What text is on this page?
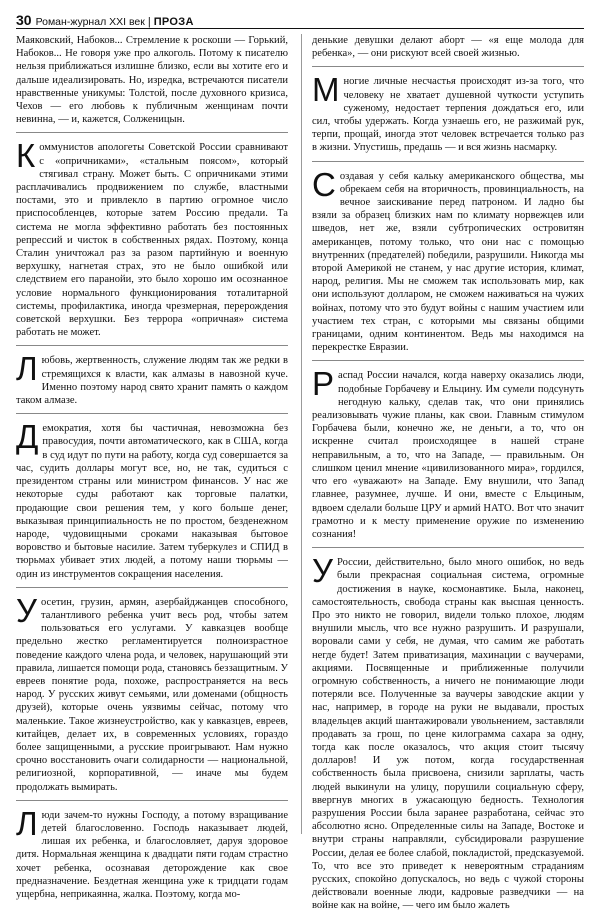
30 Роман-журнал XXI век | ПРОЗА

Маяковский, Набоков... Стремление к роскоши — Горький, Набоков... Не говоря уже про алкоголь. Потому к писателю нельзя приближаться излишне близко, если вы хотите его и дальше идеализировать. Но, изредка, встречаются писатели нравственные уникумы: Толстой, после духовного кризиса, Чехов — его любовь к публичным женщинам почти невинна, — и, кажется, Солженицын.

К оммунистов апологеты Советской России сравнивают с «опричниками», «стальным поясом», который стягивал страну. Может быть. С опричниками этими расплачивались продвижением по службе, властными постами, это и привлекло в партию огромное число приспособленцев, которые затем Россию предали. Та система не могла эффективно работать без постоянных репрессий и чисток в собственных рядах. Поэтому, конца Сталин уничтожал раз за разом партийную и военную верхушку, нагнетая страх, это не было ошибкой или следствием его паранойи, это было хорошо им осознанное условие нормального функционирования тоталитарной системы, профилактика, иногда чрезмерная, перерождения советской верхушки. Без террора «опричная» система работать не может.

Л юбовь, жертвенность, служение людям так же редки в стремящихся к власти, как алмазы в навозной куче. Именно поэтому народ свято хранит память о каждом таком алмазе.

Д емократия, хотя бы частичная, невозможна без правосудия, почти автоматического, как в США, когда в суд идут по пути на работу, когда суд совершается за час, судить доллары могут все, но, не так, судиться с президентом страны или министром финансов. У нас же некоторые суды работают как торговые палатки, продающие свои решения тем, у кого больше денег, выказывая принципиальность не по простом, безденежном народе, чудовищными сроками наказывая бытовое воровство и бытовые насилие. Затем туберкулез и СПИД в тюрьмах убивает этих людей, а потому наши тюрьмы — один из инструментов сокращения населения.

У осетин, грузин, армян, азербайджанцев способного, талантливого ребенка учит весь род, чтобы затем пользоваться его услугами. У кавказцев вообще предельно жестко регламентируется полноизрастное поведение каждого члена рода, и человек, нарушающий эти правила, лишается помощи рода, становясь беззащитным. У евреев понятие рода, похоже, распространяется на весь народ. У русских живут семьями, или доменами (общность друзей), которые очень уязвимы сейчас, потому что маленькие. Такое жизнеустройство, как у кавказцев, евреев, китайцев, делает их, в современных условиях, гораздо более защищенными, а русские проигрывают. Нам нужно срочно восстановить очаги солидарности — национальной, религиозной, корпоративной, — иначе мы будем продолжать вымирать.

Л юди зачем-то нужны Господу, а потому взращивание детей благословенно. Господь наказывает людей, лишая их ребенка, и благословляет, даруя здоровое дитя. Нормальная женщина к двадцати пяти годам страстно хочет ребенка, осознавая деторождение как свое предназначение. Бездетная женщина уже к тридцати годам ущербна, неприкаянна, жалка. Поэтому, когда мо-

денькие девушки делают аборт — «я еще молода для ребенка», — они рискуют всей своей жизнью.

М ногие личные несчастья происходят из-за того, что человеку не хватает душевной чуткости уступить суженому, недостает терпения дождаться его, или сил, чтобы удержать. Когда узнаешь его, не разжимай рук, терпи, прощай, иногда этот человек встречается только раз в жизни. Упустишь, предашь — и вся жизнь насмарку.

С оздавая у себя кальку американского общества, мы обрекаем себя на вторичность, провинциальность, на вечное заискивание перед патроном. И ладно бы взяли за образец близких нам по климату норвежцев или шведов, нет же, взяли субтропических островитян американцев, потому только, что они нас с помощью внутренних (предателей) победили, разрушили. Никогда мы второй Америкой не станем, у нас другие история, климат, народ, религия. Мы не сможем так использовать мир, как они используют долларом, не сможем наживаться на чужих войнах, потому что это будут войны с нашим участием или участием тех стран, с которыми мы связаны общими границами, одним континентом. Ведь мы находимся на перекрестке Евразии.

Р аспад России начался, когда наверху оказались люди, подобные Горбачеву и Ельцину. Им сумели подсунуть негодную кальку, сделав так, что они принялись реализовывать чужие планы, как свои. Главным стимулом Горбачева были, конечно же, не деньги, а то, что он искренне считал происходящее в нашей стране неправильным, а то, что на Западе, — правильным. Он слишком ценил мнение «цивилизованного мира», гордился, что его «уважают» на Западе. Ему внушили, что Запад главнее, разумнее, лучше. И они, вместе с Ельциным, вдвоем сделали больше ЦРУ и армий НАТО. Вот что значит грамотно и к месту применение оружие по изменению сознания!

У России, действительно, было много ошибок, но ведь были прекрасная социальная система, огромные достижения в науке, космонавтике. Была, наконец, самостоятельность, свобода страны как высшая ценность. Про это никто не говорил, видели только плохое, людям внушили мысль, что все нужно разрушить. И разрушали, воровали сами у себя, не думая, что самим же работать негде будет! Затем приватизация, махинации с ваучерами, акциями. Посвященные и приближенные получили огромную собственность, а ничего не понимающие люди потеряли все. Полученные за ваучеры заводские акции у нас, например, в городе на руки не выдавали, простых владельцев акций шантажировали увольнением, заставляли продавать за грош, по цене килограмма сахара за одну, тогда как после оказалось, что акция стоит тысячу долларов! И уж потом, когда государственная собственность была присвоена, снизили зарплаты, часть людей выкинули на улицу, порушили социальную сферу, ввергнув многих в ужасающую бедность. Технология разрушения России была заранее разработана, сейчас это абсолютно ясно. Определенные силы на Западе, Востоке и внутри страны направляли, субсидировали разрушение России, делая ее более слабой, покладистой, предсказуемой. То, что все это приведет к невероятным страданиям русских, спокойно допускалось, но ведь с чужой стороны действовали военные люди, кадровые разведчики — на войне как на войне, — чего им было жалеть
